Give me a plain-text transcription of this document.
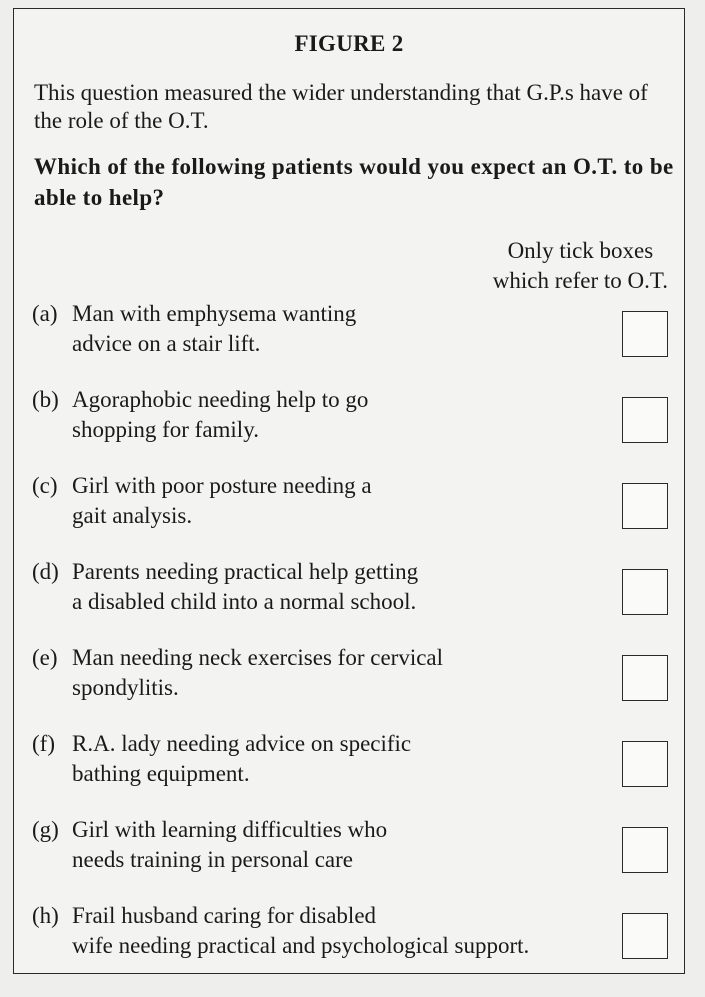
FIGURE 2
This question measured the wider understanding that G.P.s have of the role of the O.T.
Which of the following patients would you expect an O.T. to be able to help?
Only tick boxes
which refer to O.T.
(a) Man with emphysema wanting
advice on a stair lift.
(b) Agoraphobic needing help to go
shopping for family.
(c) Girl with poor posture needing a
gait analysis.
(d) Parents needing practical help getting
a disabled child into a normal school.
(e) Man needing neck exercises for cervical
spondylitis.
(f) R.A. lady needing advice on specific
bathing equipment.
(g) Girl with learning difficulties who
needs training in personal care
(h) Frail husband caring for disabled
wife needing practical and psychological support.
